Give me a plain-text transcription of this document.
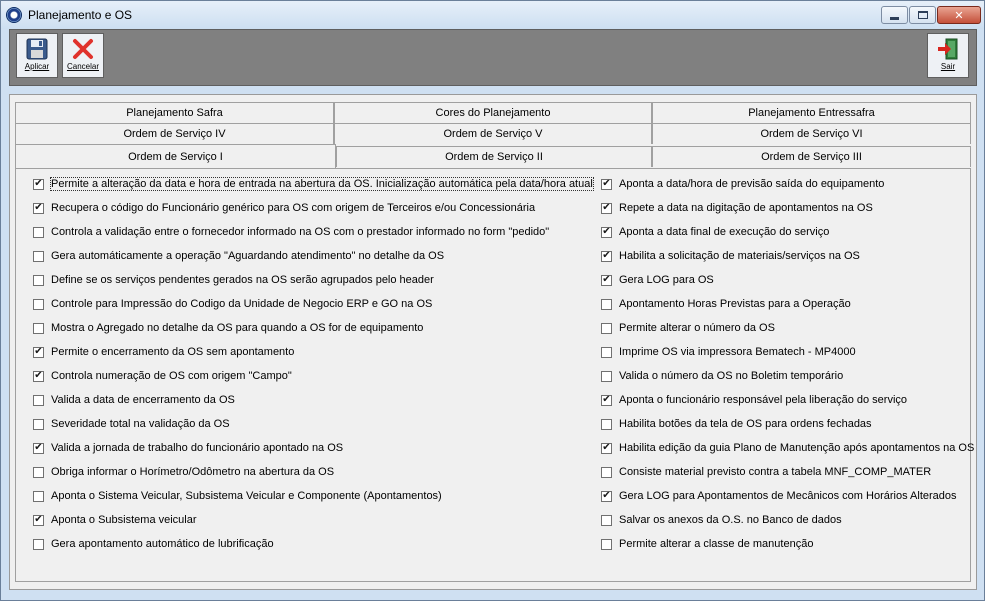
Planejamento e OS	✕
Aplicar Cancelar	Sair
Planejamento Safra	Cores do Planejamento	Planejamento Entressafra
Ordem de Serviço IV	Ordem de Serviço V	Ordem de Serviço VI
Ordem de Serviço I	Ordem de Serviço II	Ordem de Serviço III
✔ Permite a alteração da data e hora de entrada na abertura da OS. Inicialização automática pela data/hora atual
✔ Recupera o código do Funcionário genérico para OS com origem de Terceiros e/ou Concessionária
Controla a validação entre o fornecedor informado na OS com o prestador informado no form "pedido"
Gera automáticamente a operação "Aguardando atendimento" no detalhe da OS
Define se os serviços pendentes gerados na OS serão agrupados pelo header
Controle para Impressão do Codigo da Unidade de Negocio ERP e GO na OS
Mostra o Agregado no detalhe da OS para quando a OS for de equipamento
✔ Permite o encerramento da OS sem apontamento
✔ Controla numeração de OS com origem "Campo"
Valida a data de encerramento da OS
Severidade total na validação da OS
✔ Valida a jornada de trabalho do funcionário apontado na OS
Obriga informar o Horímetro/Odômetro na abertura da OS
Aponta o Sistema Veicular, Subsistema Veicular e Componente (Apontamentos)
✔ Aponta o Subsistema veicular
Gera apontamento automático de lubrificação
✔ Aponta a data/hora de previsão saída do equipamento
✔ Repete a data na digitação de apontamentos na OS
✔ Aponta a data final de execução do serviço
✔ Habilita a solicitação de materiais/serviços na OS
✔ Gera LOG para OS
Apontamento Horas Previstas para a Operação
Permite alterar o número da OS
Imprime OS via impressora Bematech - MP4000
Valida o número da OS no Boletim temporário
✔ Aponta o funcionário responsável pela liberação do serviço
Habilita botões da tela de OS para ordens fechadas
✔ Habilita edição da guia Plano de Manutenção após apontamentos na OS
Consiste material previsto contra a tabela MNF_COMP_MATER
✔ Gera LOG para Apontamentos de Mecânicos com Horários Alterados
Salvar os anexos da O.S. no Banco de dados
Permite alterar a classe de manutenção
